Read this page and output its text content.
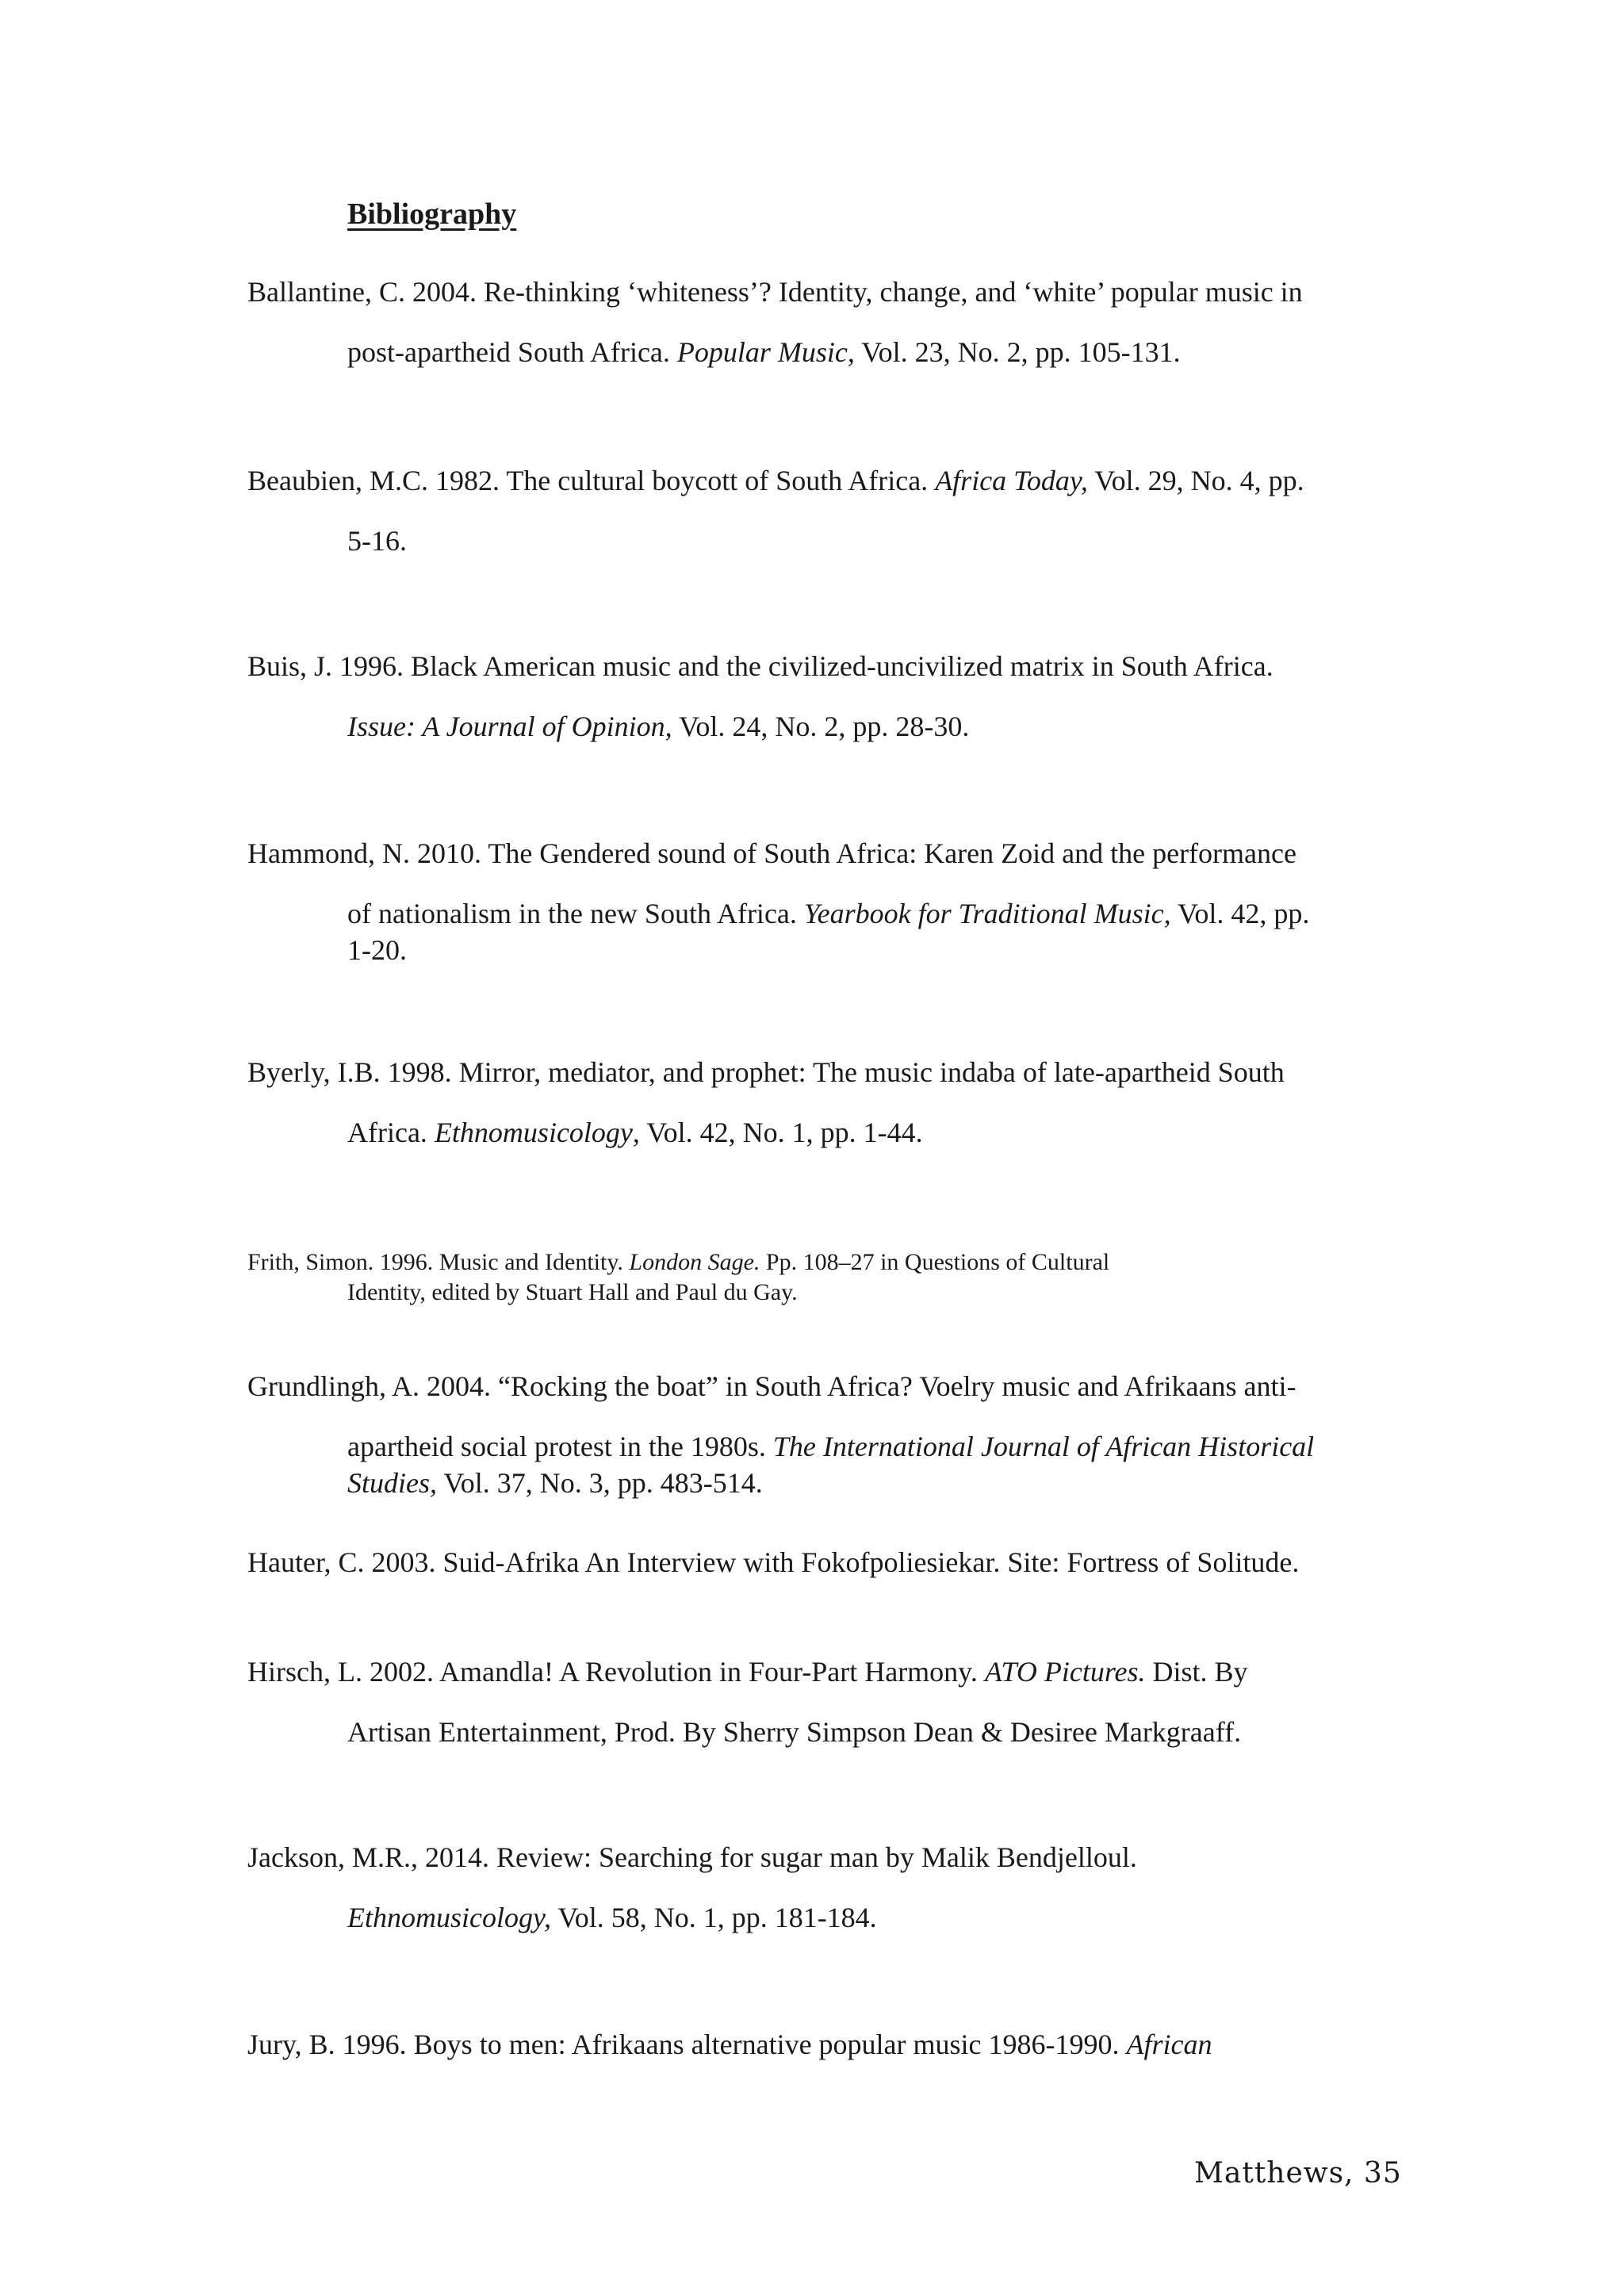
Bibliography
Ballantine, C. 2004. Re-thinking ‘whiteness’? Identity, change, and ‘white’ popular music in
post-apartheid South Africa. Popular Music, Vol. 23, No. 2, pp. 105-131.
Beaubien, M.C. 1982. The cultural boycott of South Africa. Africa Today, Vol. 29, No. 4, pp.
5-16.
Buis, J. 1996. Black American music and the civilized-uncivilized matrix in South Africa.
Issue: A Journal of Opinion, Vol. 24, No. 2, pp. 28-30.
Hammond, N. 2010. The Gendered sound of South Africa: Karen Zoid and the performance
of nationalism in the new South Africa. Yearbook for Traditional Music, Vol. 42, pp.
1-20.
Byerly, I.B. 1998. Mirror, mediator, and prophet: The music indaba of late-apartheid South
Africa. Ethnomusicology, Vol. 42, No. 1, pp. 1-44.
Frith, Simon. 1996. Music and Identity. London Sage. Pp. 108–27 in Questions of Cultural
Identity, edited by Stuart Hall and Paul du Gay.
Grundlingh, A. 2004. “Rocking the boat” in South Africa? Voelry music and Afrikaans anti-
apartheid social protest in the 1980s. The International Journal of African Historical
Studies, Vol. 37, No. 3, pp. 483-514.
Hauter, C. 2003. Suid-Afrika An Interview with Fokofpoliesiekar. Site: Fortress of Solitude.
Hirsch, L. 2002. Amandla! A Revolution in Four-Part Harmony. ATO Pictures. Dist. By
Artisan Entertainment, Prod. By Sherry Simpson Dean & Desiree Markgraaff.
Jackson, M.R., 2014. Review: Searching for sugar man by Malik Bendjelloul.
Ethnomusicology, Vol. 58, No. 1, pp. 181-184.
Jury, B. 1996. Boys to men: Afrikaans alternative popular music 1986-1990. African
Matthews, 35
